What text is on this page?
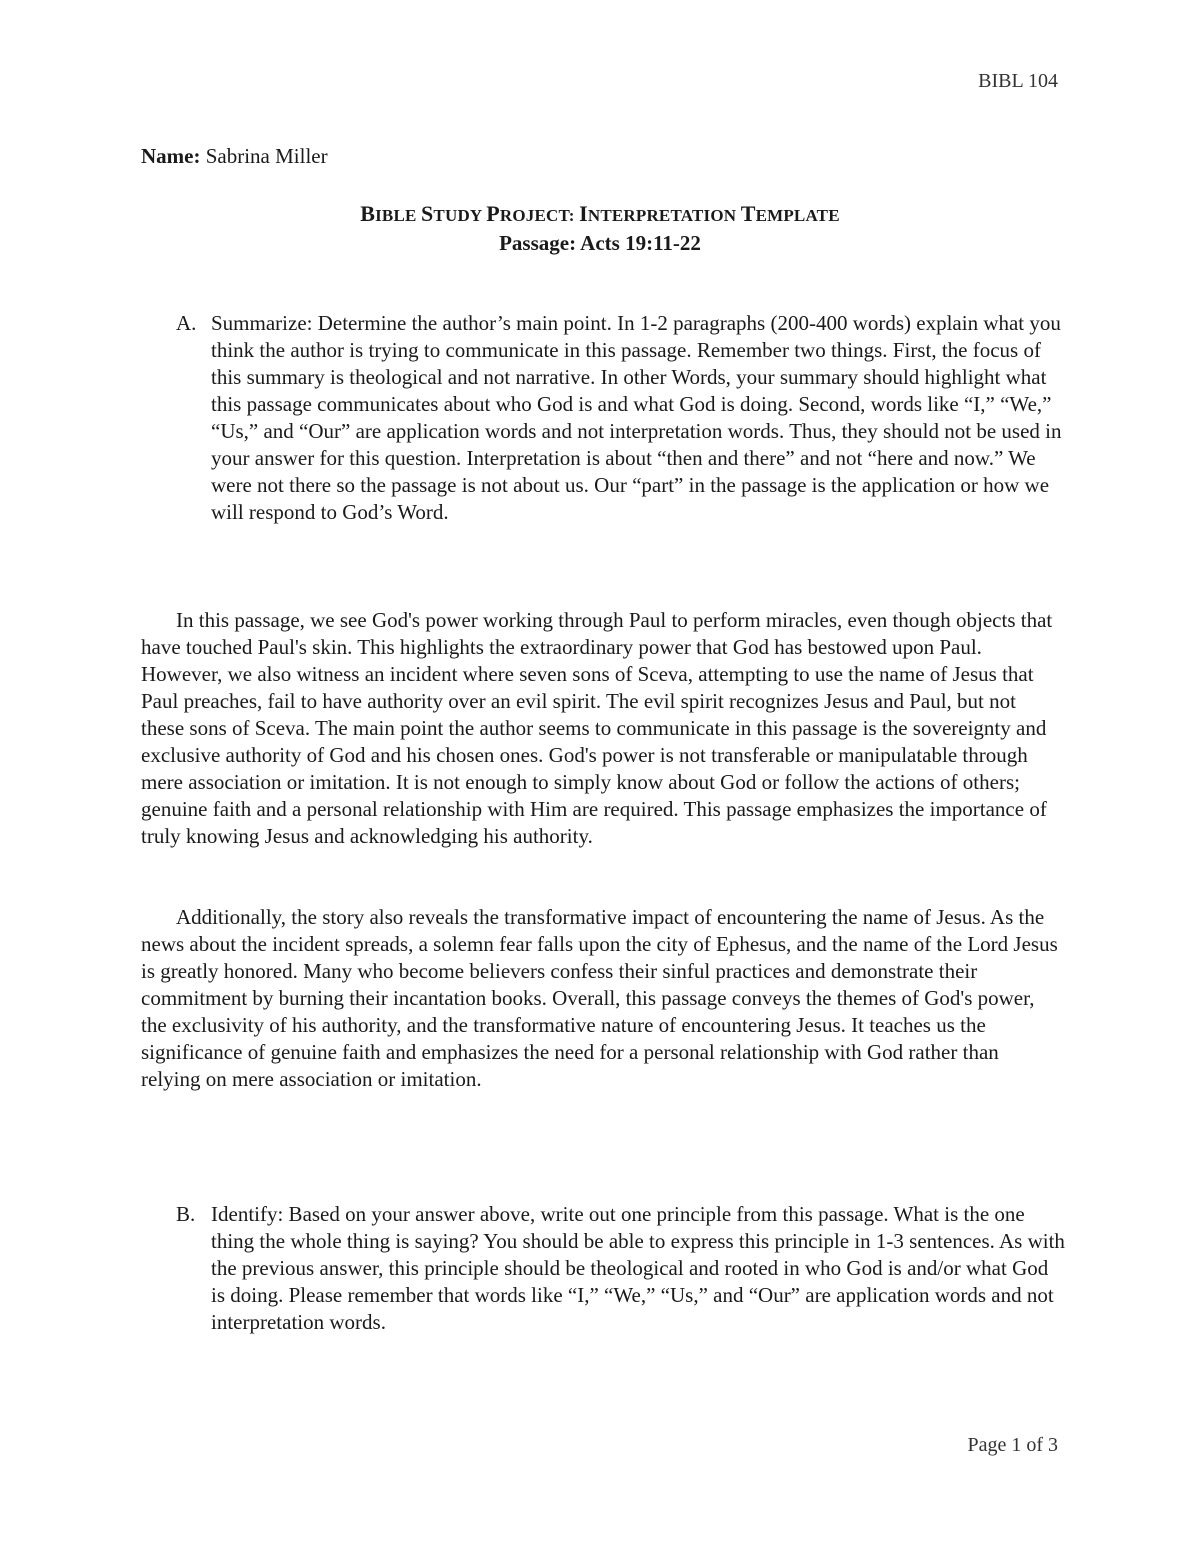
BIBL 104
Name: Sabrina Miller
BIBLE STUDY PROJECT: INTERPRETATION TEMPLATE
Passage: Acts 19:11-22
A. Summarize: Determine the author’s main point. In 1-2 paragraphs (200-400 words) explain what you think the author is trying to communicate in this passage. Remember two things. First, the focus of this summary is theological and not narrative. In other Words, your summary should highlight what this passage communicates about who God is and what God is doing. Second, words like “I,” “We,” “Us,” and “Our” are application words and not interpretation words. Thus, they should not be used in your answer for this question. Interpretation is about “then and there” and not “here and now.” We were not there so the passage is not about us. Our “part” in the passage is the application or how we will respond to God’s Word.

In this passage, we see God's power working through Paul to perform miracles, even though objects that have touched Paul's skin. This highlights the extraordinary power that God has bestowed upon Paul. However, we also witness an incident where seven sons of Sceva, attempting to use the name of Jesus that Paul preaches, fail to have authority over an evil spirit. The evil spirit recognizes Jesus and Paul, but not these sons of Sceva. The main point the author seems to communicate in this passage is the sovereignty and exclusive authority of God and his chosen ones. God's power is not transferable or manipulatable through mere association or imitation. It is not enough to simply know about God or follow the actions of others; genuine faith and a personal relationship with Him are required. This passage emphasizes the importance of truly knowing Jesus and acknowledging his authority.

Additionally, the story also reveals the transformative impact of encountering the name of Jesus. As the news about the incident spreads, a solemn fear falls upon the city of Ephesus, and the name of the Lord Jesus is greatly honored. Many who become believers confess their sinful practices and demonstrate their commitment by burning their incantation books. Overall, this passage conveys the themes of God's power, the exclusivity of his authority, and the transformative nature of encountering Jesus. It teaches us the significance of genuine faith and emphasizes the need for a personal relationship with God rather than relying on mere association or imitation.

B. Identify: Based on your answer above, write out one principle from this passage. What is the one thing the whole thing is saying? You should be able to express this principle in 1-3 sentences. As with the previous answer, this principle should be theological and rooted in who God is and/or what God is doing. Please remember that words like “I,” “We,” “Us,” and “Our” are application words and not interpretation words.
Page 1 of 3
